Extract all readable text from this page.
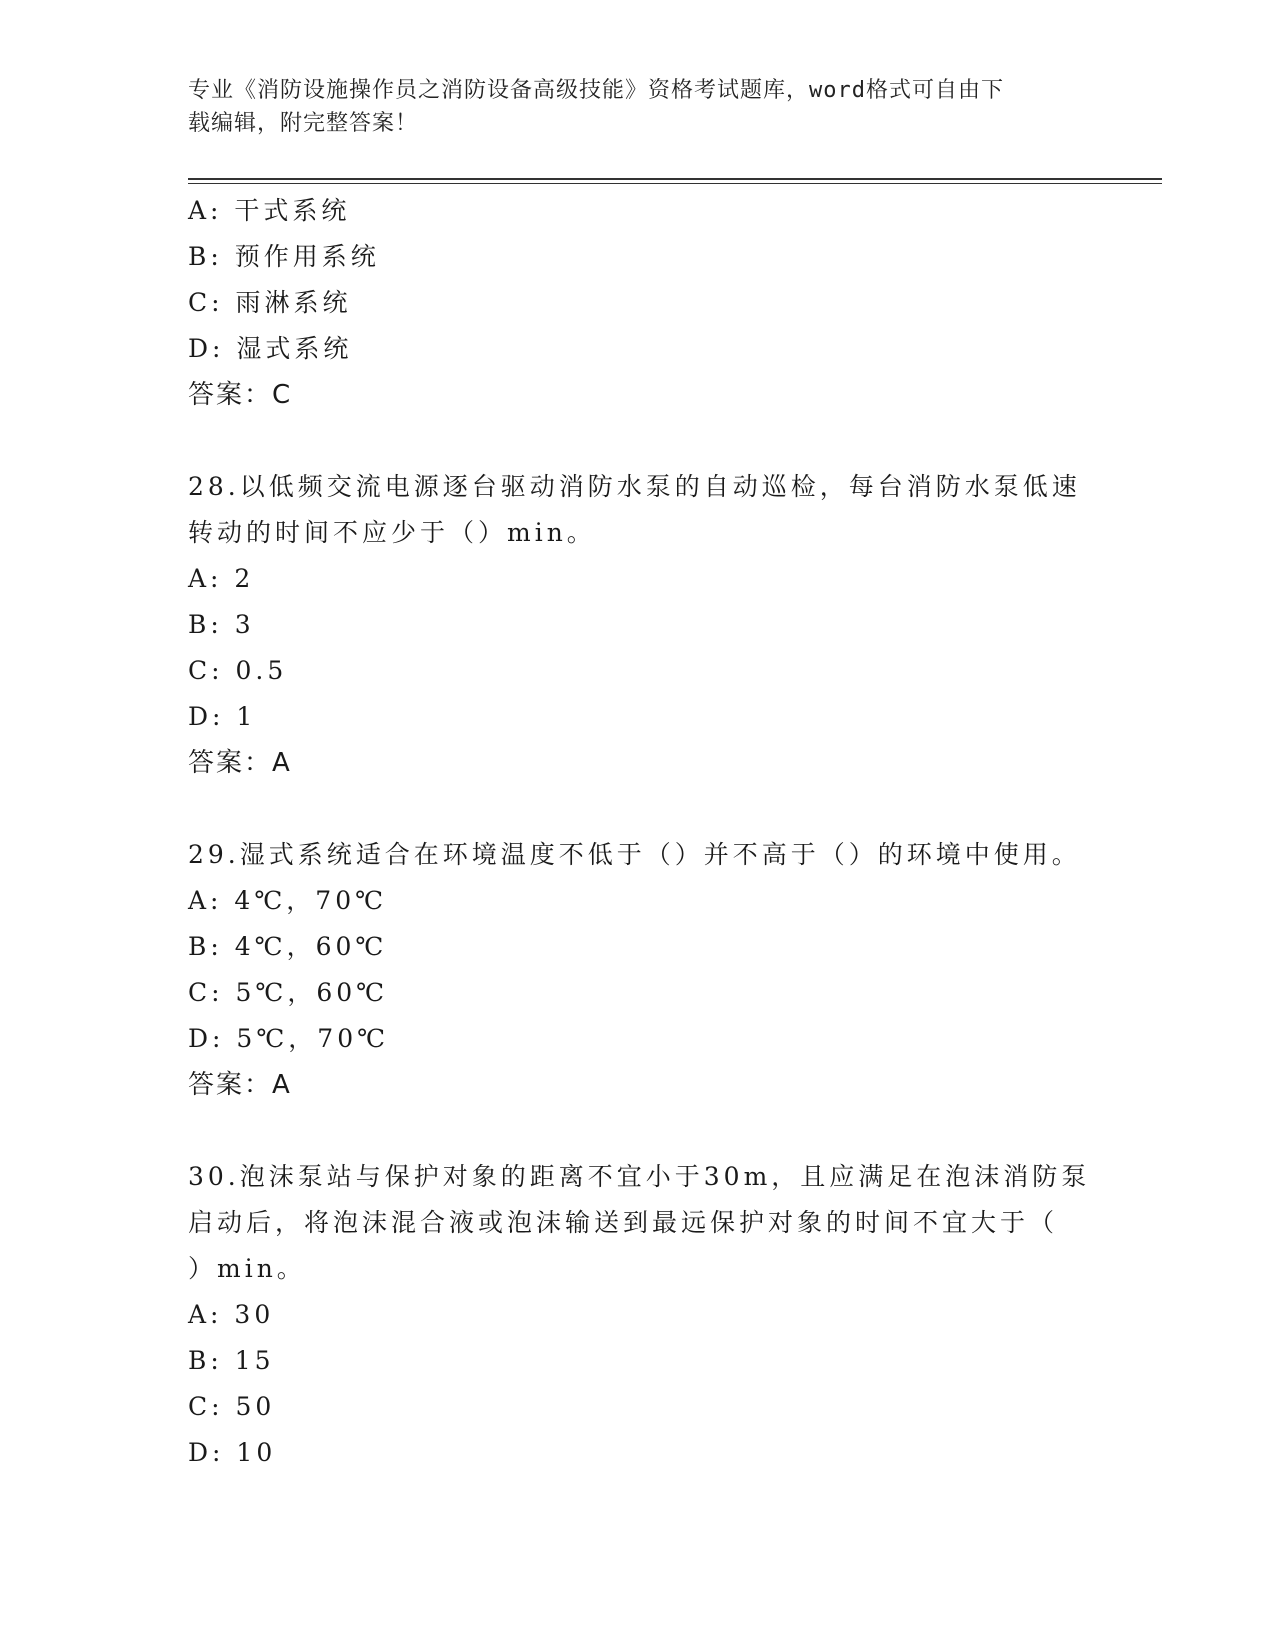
专业《消防设施操作员之消防设备高级技能》资格考试题库，word格式可自由下
载编辑，附完整答案！
A: 干式系统
B: 预作用系统
C: 雨淋系统
D: 湿式系统
答案：C
28.以低频交流电源逐台驱动消防水泵的自动巡检，每台消防水泵低速
转动的时间不应少于（）min。
A: 2
B: 3
C: 0.5
D: 1
答案：A
29.湿式系统适合在环境温度不低于（）并不高于（）的环境中使用。
A: 4℃，70℃
B: 4℃，60℃
C: 5℃，60℃
D: 5℃，70℃
答案：A
30.泡沫泵站与保护对象的距离不宜小于30m，且应满足在泡沫消防泵
启动后，将泡沫混合液或泡沫输送到最远保护对象的时间不宜大于（
）min。
A: 30
B: 15
C: 50
D: 10
